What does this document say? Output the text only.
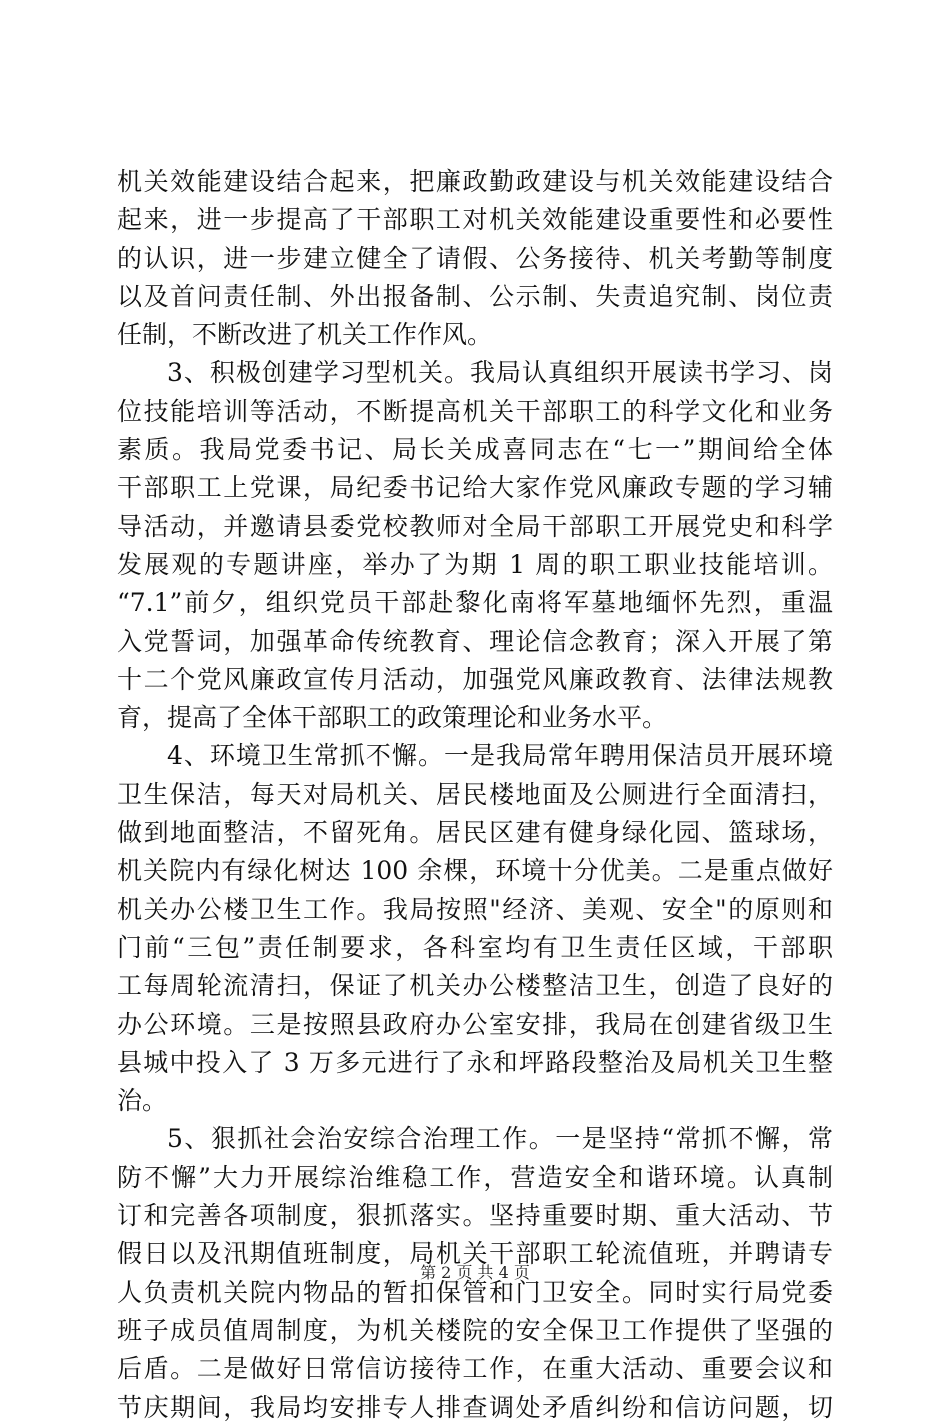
机关效能建设结合起来，把廉政勤政建设与机关效能建设结合
起来，进一步提高了干部职工对机关效能建设重要性和必要性
的认识，进一步建立健全了请假、公务接待、机关考勤等制度
以及首问责任制、外出报备制、公示制、失责追究制、岗位责
任制，不断改进了机关工作作风。
3、积极创建学习型机关。我局认真组织开展读书学习、岗
位技能培训等活动，不断提高机关干部职工的科学文化和业务
素质。我局党委书记、局长关成喜同志在“七一”期间给全体
干部职工上党课，局纪委书记给大家作党风廉政专题的学习辅
导活动，并邀请县委党校教师对全局干部职工开展党史和科学
发展观的专题讲座，举办了为期 1 周的职工职业技能培训。
“7.1”前夕，组织党员干部赴黎化南将军墓地缅怀先烈，重温
入党誓词，加强革命传统教育、理论信念教育；深入开展了第
十二个党风廉政宣传月活动，加强党风廉政教育、法律法规教
育，提高了全体干部职工的政策理论和业务水平。
4、环境卫生常抓不懈。一是我局常年聘用保洁员开展环境
卫生保洁，每天对局机关、居民楼地面及公厕进行全面清扫，
做到地面整洁，不留死角。居民区建有健身绿化园、篮球场，
机关院内有绿化树达 100 余棵，环境十分优美。二是重点做好
机关办公楼卫生工作。我局按照"经济、美观、安全"的原则和
门前“三包”责任制要求，各科室均有卫生责任区域，干部职
工每周轮流清扫，保证了机关办公楼整洁卫生，创造了良好的
办公环境。三是按照县政府办公室安排，我局在创建省级卫生
县城中投入了 3 万多元进行了永和坪路段整治及局机关卫生整
治。
5、狠抓社会治安综合治理工作。一是坚持“常抓不懈，常
防不懈”大力开展综治维稳工作，营造安全和谐环境。认真制
订和完善各项制度，狠抓落实。坚持重要时期、重大活动、节
假日以及汛期值班制度，局机关干部职工轮流值班，并聘请专
人负责机关院内物品的暂扣保管和门卫安全。同时实行局党委
班子成员值周制度，为机关楼院的安全保卫工作提供了坚强的
后盾。二是做好日常信访接待工作，在重大活动、重要会议和
节庆期间，我局均安排专人排查调处矛盾纠纷和信访问题，切
第 2 页 共 4 页
